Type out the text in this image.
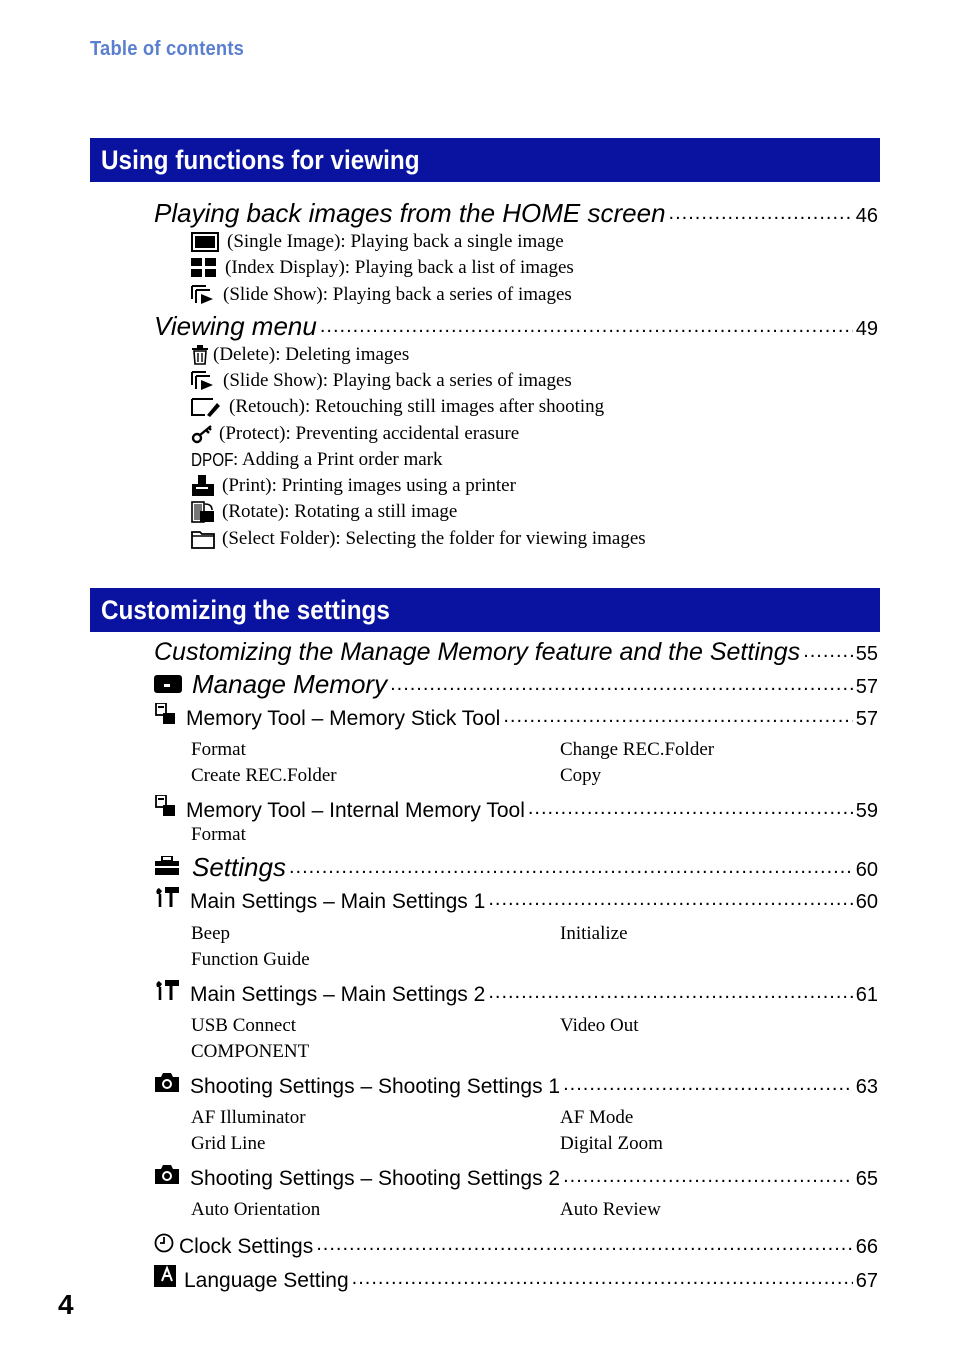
Table of contents
Using functions for viewing
Playing back images from the HOME screen .....	46
(Single Image): Playing back a single image
(Index Display): Playing back a list of images
(Slide Show): Playing back a series of images
Viewing menu .....	49
(Delete): Deleting images
(Slide Show): Playing back a series of images
(Retouch): Retouching still images after shooting
(Protect): Preventing accidental erasure
DPOF : Adding a Print order mark
(Print): Printing images using a printer
(Rotate): Rotating a still image
(Select Folder): Selecting the folder for viewing images
Customizing the settings
Customizing the Manage Memory feature and the Settings .....	55
Manage Memory .....	57
Memory Tool – Memory Stick Tool .....	57
Format	Change REC.Folder
Create REC.Folder	Copy
Memory Tool – Internal Memory Tool .....	59
Format
Settings .....	60
Main Settings – Main Settings 1 .....	60
Beep	Initialize
Function Guide
Main Settings – Main Settings 2 .....	61
USB Connect	Video Out
COMPONENT
Shooting Settings – Shooting Settings 1 .....	63
AF Illuminator	AF Mode
Grid Line	Digital Zoom
Shooting Settings – Shooting Settings 2 .....	65
Auto Orientation	Auto Review
Clock Settings .....	66
Language Setting .....	67
4
